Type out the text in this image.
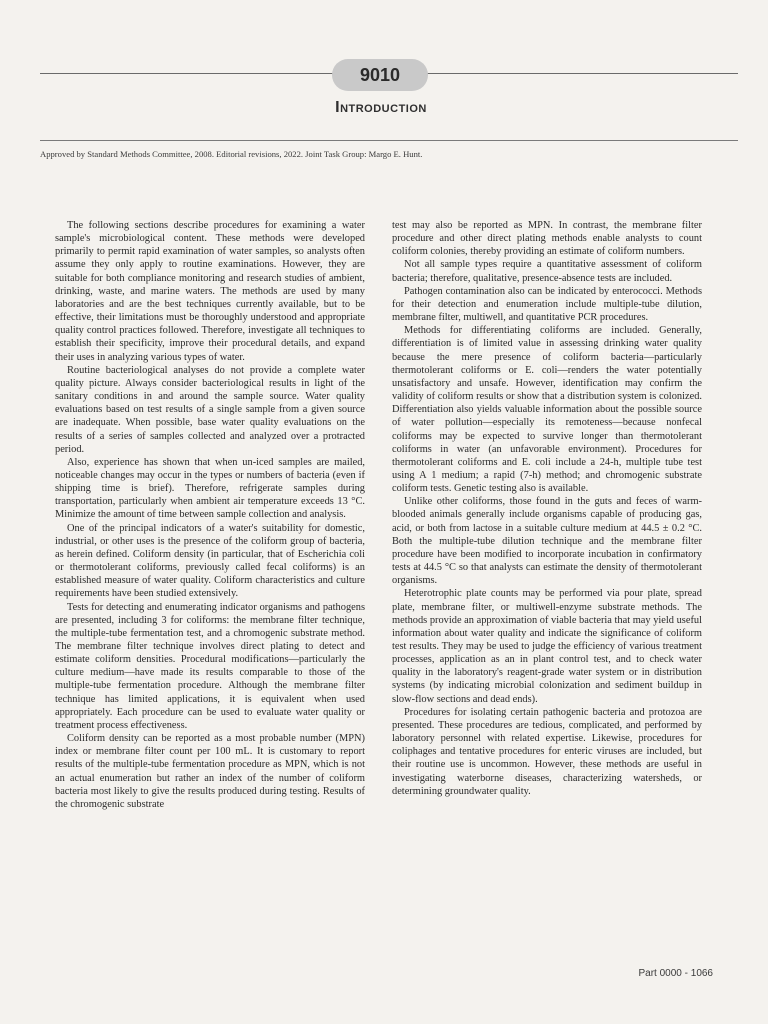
9010
Introduction
Approved by Standard Methods Committee, 2008. Editorial revisions, 2022. Joint Task Group: Margo E. Hunt.

The following sections describe procedures for examining a water sample's microbiological content. These methods were developed primarily to permit rapid examination of water samples, so analysts often assume they only apply to routine examinations. However, they are suitable for both compliance monitoring and research studies of ambient, drinking, waste, and marine waters. The methods are used by many laboratories and are the best techniques currently available, but to be effective, their limitations must be thoroughly understood and appropriate quality control practices followed. Therefore, investigate all techniques to establish their specificity, improve their procedural details, and expand their uses in analyzing various types of water.

Routine bacteriological analyses do not provide a complete water quality picture. Always consider bacteriological results in light of the sanitary conditions in and around the sample source. Water quality evaluations based on test results of a single sample from a given source are inadequate. When possible, base water quality evaluations on the results of a series of samples collected and analyzed over a protracted period.

Also, experience has shown that when un-iced samples are mailed, noticeable changes may occur in the types or numbers of bacteria (even if shipping time is brief). Therefore, refrigerate samples during transportation, particularly when ambient air temperature exceeds 13 °C. Minimize the amount of time between sample collection and analysis.

One of the principal indicators of a water's suitability for domestic, industrial, or other uses is the presence of the coliform group of bacteria, as herein defined. Coliform density (in particular, that of Escherichia coli or thermotolerant coliforms, previously called fecal coliforms) is an established measure of water quality. Coliform characteristics and culture requirements have been studied extensively.

Tests for detecting and enumerating indicator organisms and pathogens are presented, including 3 for coliforms: the membrane filter technique, the multiple-tube fermentation test, and a chromogenic substrate method. The membrane filter technique involves direct plating to detect and estimate coliform densities. Procedural modifications—particularly the culture medium—have made its results comparable to those of the multiple-tube fermentation procedure. Although the membrane filter technique has limited applications, it is equivalent when used appropriately. Each procedure can be used to evaluate water quality or treatment process effectiveness.

Coliform density can be reported as a most probable number (MPN) index or membrane filter count per 100 mL. It is customary to report results of the multiple-tube fermentation procedure as MPN, which is not an actual enumeration but rather an index of the number of coliform bacteria most likely to give the results produced during testing. Results of the chromogenic substrate

test may also be reported as MPN. In contrast, the membrane filter procedure and other direct plating methods enable analysts to count coliform colonies, thereby providing an estimate of coliform numbers.

Not all sample types require a quantitative assessment of coliform bacteria; therefore, qualitative, presence-absence tests are included.

Pathogen contamination also can be indicated by enterococci. Methods for their detection and enumeration include multiple-tube dilution, membrane filter, multiwell, and quantitative PCR procedures.

Methods for differentiating coliforms are included. Generally, differentiation is of limited value in assessing drinking water quality because the mere presence of coliform bacteria—particularly thermotolerant coliforms or E. coli—renders the water potentially unsatisfactory and unsafe. However, identification may confirm the validity of coliform results or show that a distribution system is colonized. Differentiation also yields valuable information about the possible source of water pollution—especially its remoteness—because nonfecal coliforms may be expected to survive longer than thermotolerant coliforms in water (an unfavorable environment). Procedures for thermotolerant coliforms and E. coli include a 24-h, multiple tube test using A 1 medium; a rapid (7-h) method; and chromogenic substrate coliform tests. Genetic testing also is available.

Unlike other coliforms, those found in the guts and feces of warm-blooded animals generally include organisms capable of producing gas, acid, or both from lactose in a suitable culture medium at 44.5 ± 0.2 °C. Both the multiple-tube dilution technique and the membrane filter procedure have been modified to incorporate incubation in confirmatory tests at 44.5 °C so that analysts can estimate the density of thermotolerant organisms.

Heterotrophic plate counts may be performed via pour plate, spread plate, membrane filter, or multiwell-enzyme substrate methods. The methods provide an approximation of viable bacteria that may yield useful information about water quality and indicate the significance of coliform test results. They may be used to judge the efficiency of various treatment processes, application as an in plant control test, and to check water quality in the laboratory's reagent-grade water system or in distribution systems (by indicating microbial colonization and sediment buildup in slow-flow sections and dead ends).

Procedures for isolating certain pathogenic bacteria and protozoa are presented. These procedures are tedious, complicated, and performed by laboratory personnel with related expertise. Likewise, procedures for coliphages and tentative procedures for enteric viruses are included, but their routine use is uncommon. However, these methods are useful in investigating waterborne diseases, characterizing watersheds, or determining groundwater quality.

Part 0000 - 1066
